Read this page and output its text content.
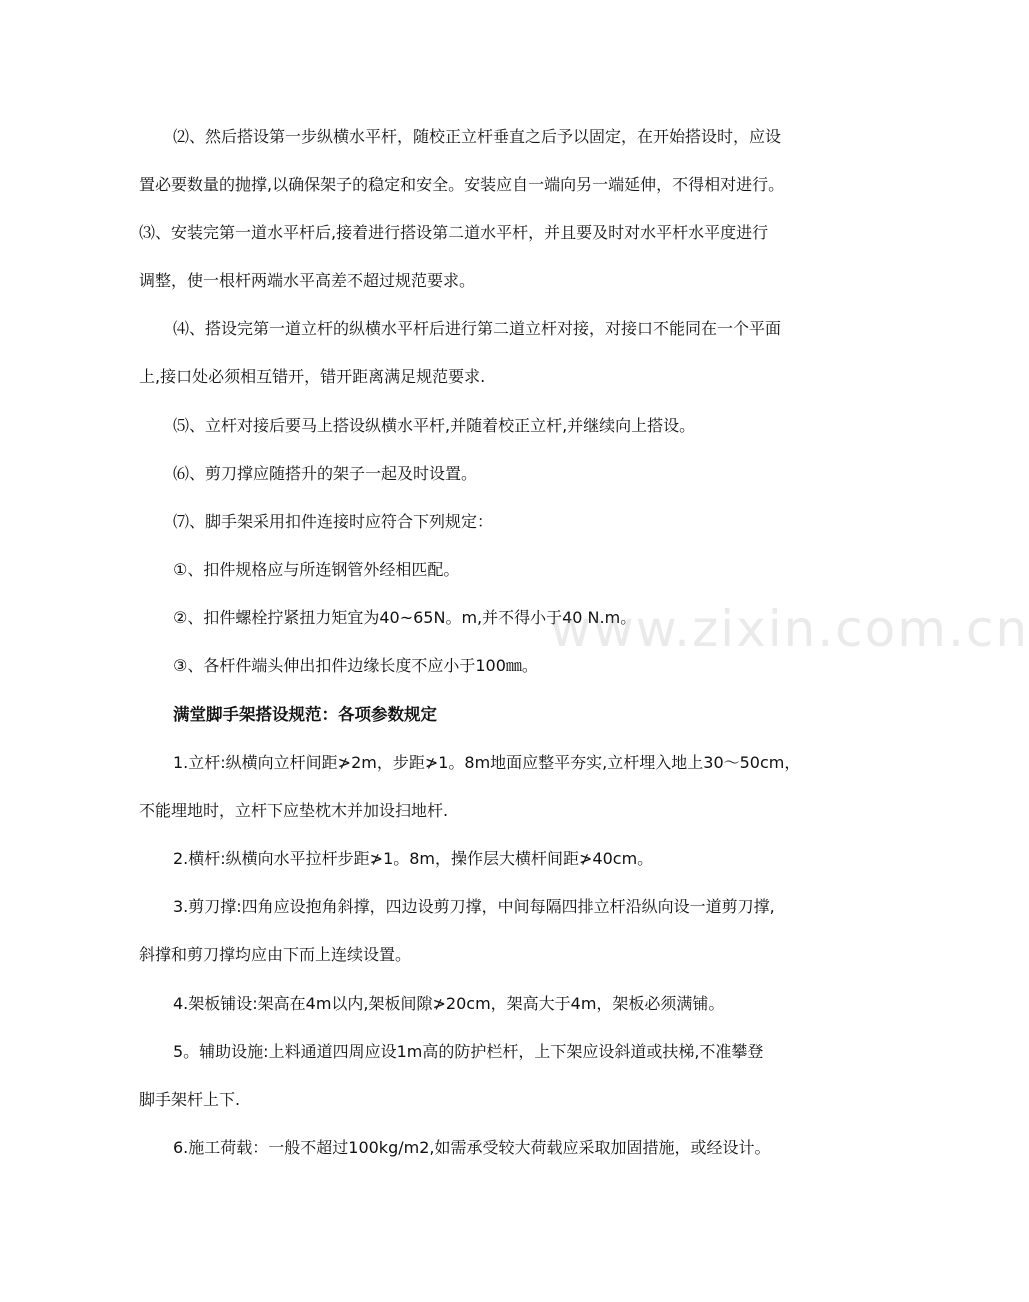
⑵、然后搭设第一步纵横水平杆，随校正立杆垂直之后予以固定，在开始搭设时，应设
置必要数量的抛撑,以确保架子的稳定和安全。安装应自一端向另一端延伸，不得相对进行。
⑶、安装完第一道水平杆后,接着进行搭设第二道水平杆，并且要及时对水平杆水平度进行
调整，使一根杆两端水平高差不超过规范要求。
⑷、搭设完第一道立杆的纵横水平杆后进行第二道立杆对接，对接口不能同在一个平面
上,接口处必须相互错开，错开距离满足规范要求.
⑸、立杆对接后要马上搭设纵横水平杆,并随着校正立杆,并继续向上搭设。
⑹、剪刀撑应随搭升的架子一起及时设置。
⑺、脚手架采用扣件连接时应符合下列规定：
①、扣件规格应与所连钢管外经相匹配。
②、扣件螺栓拧紧扭力矩宜为40~65N。m,并不得小于40 N.m。
③、各杆件端头伸出扣件边缘长度不应小于100㎜。
满堂脚手架搭设规范：各项参数规定
1.立杆:纵横向立杆间距≯2m，步距≯1。8m地面应整平夯实,立杆埋入地上30～50cm，
不能埋地时，立杆下应垫枕木并加设扫地杆.
2.横杆:纵横向水平拉杆步距≯1。8m，操作层大横杆间距≯40cm。
3.剪刀撑:四角应设抱角斜撑，四边设剪刀撑，中间每隔四排立杆沿纵向设一道剪刀撑,
斜撑和剪刀撑均应由下而上连续设置。
4.架板铺设:架高在4m以内,架板间隙≯20cm，架高大于4m，架板必须满铺。
5。辅助设施:上料通道四周应设1m高的防护栏杆，上下架应设斜道或扶梯,不准攀登
脚手架杆上下.
6.施工荷载：一般不超过100kg/m2,如需承受较大荷载应采取加固措施，或经设计。
www.zixin.com.cn
